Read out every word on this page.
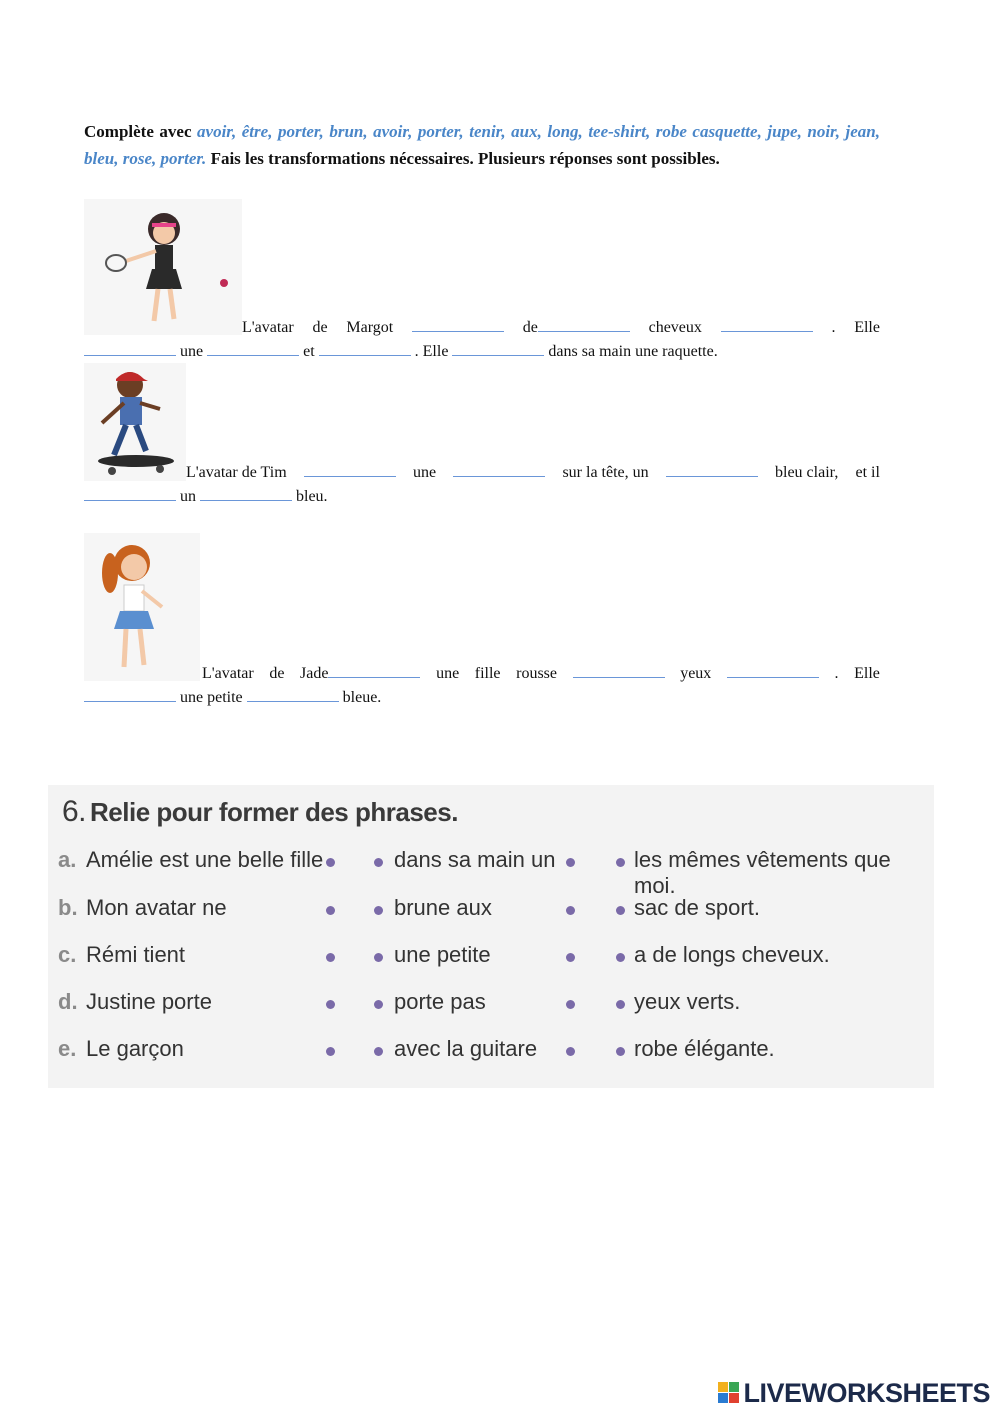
Complète avec avoir, être, porter, brun, avoir, porter, tenir, aux, long, tee-shirt, robe casquette, jupe, noir, jean, bleu, rose, porter. Fais les transformations nécessaires. Plusieurs réponses sont possibles.
L'avatar de Margot	de	cheveux	. Elle
une	et	. Elle	dans sa main une raquette.
L'avatar de Tim	une	sur la tête, un	bleu clair, et il
un	bleu.
L'avatar de Jade	une fille rousse	yeux	. Elle
une petite	bleue.
6. Relie pour former des phrases.
a. Amélie est une belle fille	dans sa main un	les mêmes vêtements que moi.
b. Mon avatar ne	brune aux	sac de sport.
c. Rémi tient	une petite	a de longs cheveux.
d. Justine porte	porte pas	yeux verts.
e. Le garçon	avec la guitare	robe élégante.
LIVEWORKSHEETS
